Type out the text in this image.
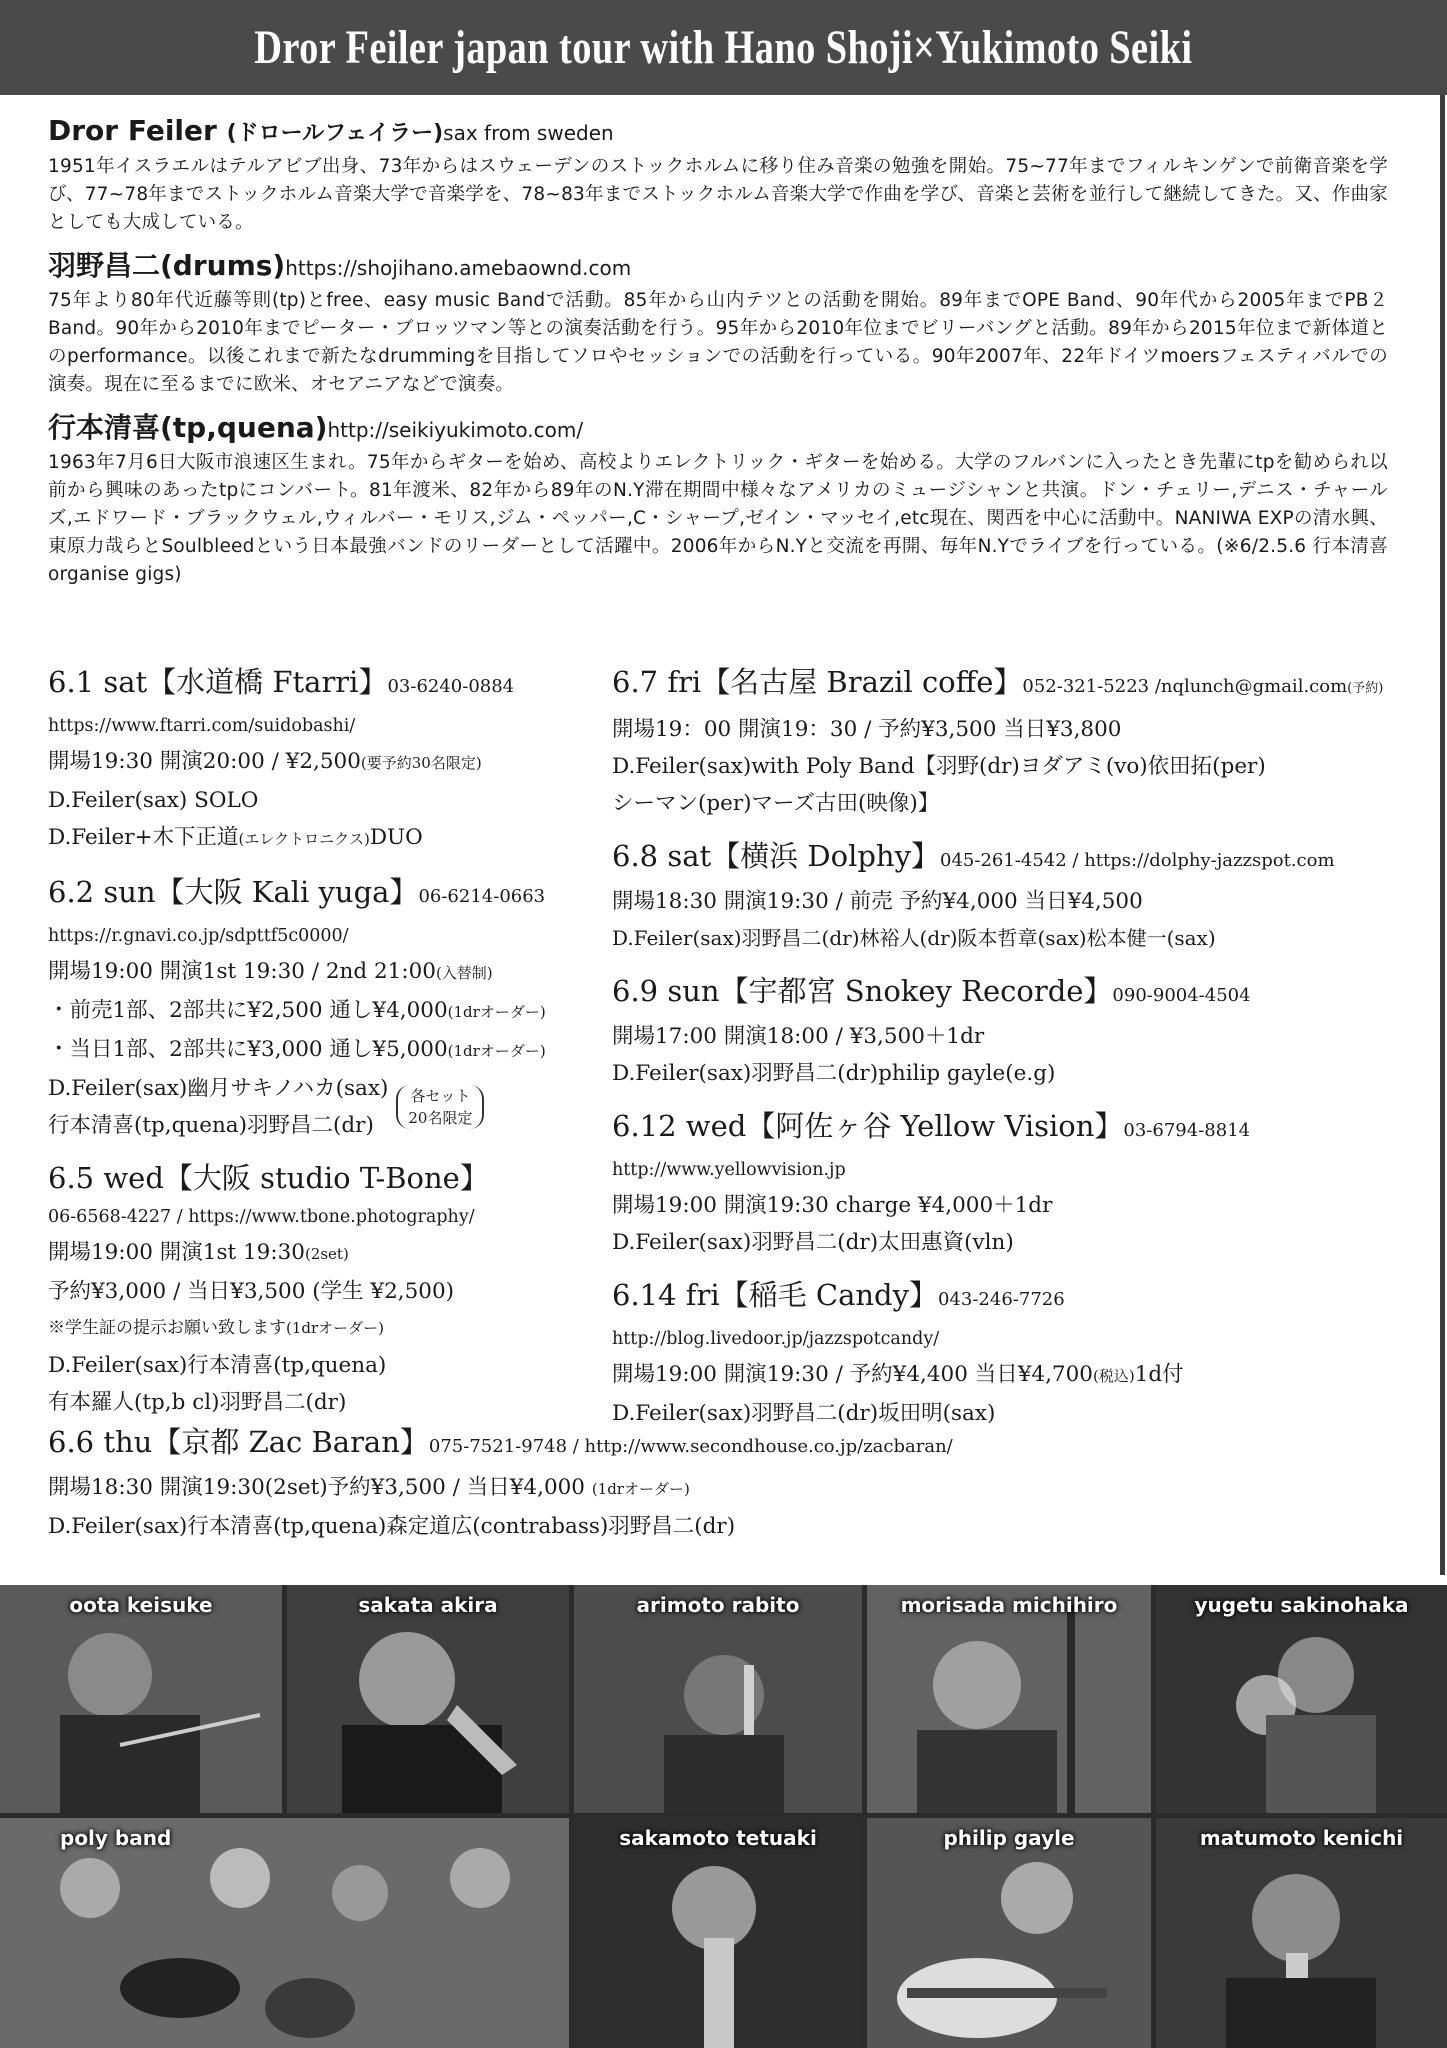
Dror Feiler japan tour with Hano Shoji×Yukimoto Seiki
Dror Feiler (ドロールフェイラー)sax from sweden
1951年イスラエルはテルアビブ出身、73年からはスウェーデンのストックホルムに移り住み音楽の勉強を開始。75~77年までフィルキンゲンで前衛音楽を学び、77~78年までストックホルム音楽大学で音楽学を、78~83年までストックホルム音楽大学で作曲を学び、音楽と芸術を並行して継続してきた。又、作曲家としても大成している。
羽野昌二(drums)https://shojihano.amebaownd.com
75年より80年代近藤等則(tp)とfree、easy music Bandで活動。85年から山内テツとの活動を開始。89年までOPE Band、90年代から2005年までPB２Band。90年から2010年までピーター・ブロッツマン等との演奏活動を行う。95年から2010年位までビリーバングと活動。89年から2015年位まで新体道とのperformance。以後これまで新たなdrummingを目指してソロやセッションでの活動を行っている。90年2007年、22年ドイツmoersフェスティバルでの演奏。現在に至るまでに欧米、オセアニアなどで演奏。
行本清喜(tp,quena)http://seikiyukimoto.com/
1963年7月6日大阪市浪速区生まれ。75年からギターを始め、高校よりエレクトリック・ギターを始める。大学のフルバンに入ったとき先輩にtpを勧められ以前から興味のあったtpにコンバート。81年渡米、82年から89年のN.Y滞在期間中様々なアメリカのミュージシャンと共演。ドン・チェリー,デニス・チャールズ,エドワード・ブラックウェル,ウィルバー・モリス,ジム・ペッパー,C・シャープ,ゼイン・マッセイ,etc現在、関西を中心に活動中。NANIWA EXPの清水興、東原力哉らとSoulbleedという日本最強バンドのリーダーとして活躍中。2006年からN.Yと交流を再開、毎年N.Yでライブを行っている。(※6/2.5.6 行本清喜organise gigs)
6.1 sat【水道橋 Ftarri】03-6240-0884
https://www.ftarri.com/suidobashi/
開場19:30 開演20:00 / ¥2,500(要予約30名限定)
D.Feiler(sax) SOLO
D.Feiler+木下正道(エレクトロニクス)DUO
6.2 sun【大阪 Kali yuga】06-6214-0663
https://r.gnavi.co.jp/sdpttf5c0000/
開場19:00 開演1st 19:30 / 2nd 21:00(入替制)
・前売1部、2部共に¥2,500 通し¥4,000(1drオーダー)
・当日1部、2部共に¥3,000 通し¥5,000(1drオーダー)
D.Feiler(sax)幽月サキノハカ(sax)
行本清喜(tp,quena)羽野昌二(dr)
各セット
20名限定
6.5 wed【大阪 studio T-Bone】
06-6568-4227 / https://www.tbone.photography/
開場19:00 開演1st 19:30(2set)
予約¥3,000 / 当日¥3,500 (学生 ¥2,500)
※学生証の提示お願い致します(1drオーダー)
D.Feiler(sax)行本清喜(tp,quena)
有本羅人(tp,b cl)羽野昌二(dr)
6.7 fri【名古屋 Brazil coffe】052-321-5223 /nqlunch@gmail.com(予約)
開場19：00 開演19：30 / 予約¥3,500 当日¥3,800
D.Feiler(sax)with Poly Band【羽野(dr)ヨダアミ(vo)依田拓(per)
シーマン(per)マーズ古田(映像)】
6.8 sat【横浜 Dolphy】045-261-4542 / https://dolphy-jazzspot.com
開場18:30 開演19:30 / 前売 予約¥4,000 当日¥4,500
D.Feiler(sax)羽野昌二(dr)林裕人(dr)阪本哲章(sax)松本健一(sax)
6.9 sun【宇都宮 Snokey Recorde】090-9004-4504
開場17:00 開演18:00 / ¥3,500＋1dr
D.Feiler(sax)羽野昌二(dr)philip gayle(e.g)
6.12 wed【阿佐ヶ谷 Yellow Vision】03-6794-8814
http://www.yellowvision.jp
開場19:00 開演19:30 charge ¥4,000＋1dr
D.Feiler(sax)羽野昌二(dr)太田惠資(vln)
6.14 fri【稲毛 Candy】043-246-7726
http://blog.livedoor.jp/jazzspotcandy/
開場19:00 開演19:30 / 予約¥4,400 当日¥4,700(税込)1d付
D.Feiler(sax)羽野昌二(dr)坂田明(sax)
6.6 thu【京都 Zac Baran】075-7521-9748 / http://www.secondhouse.co.jp/zacbaran/
開場18:30 開演19:30(2set)予約¥3,500 / 当日¥4,000 (1drオーダー)
D.Feiler(sax)行本清喜(tp,quena)森定道広(contrabass)羽野昌二(dr)
oota keisuke	sakata akira	arimoto rabito	morisada michihiro	yugetu sakinohaka
poly band	sakamoto tetuaki	philip gayle	matumoto kenichi
